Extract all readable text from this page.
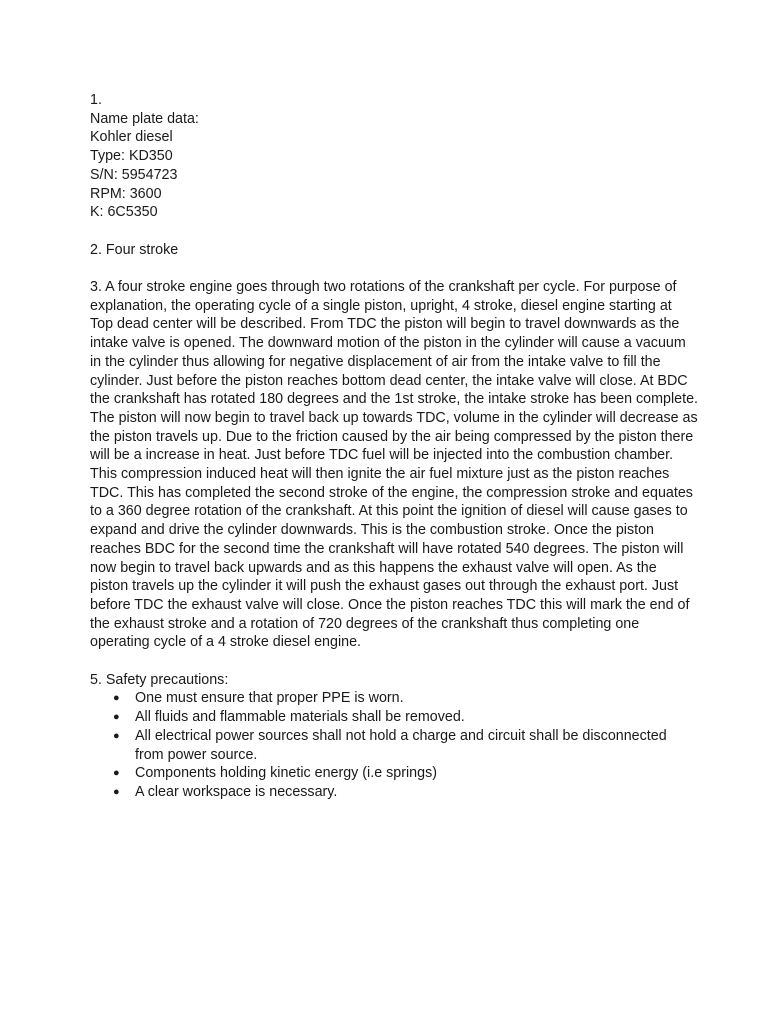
1.
Name plate data:
Kohler diesel
Type: KD350
S/N: 5954723
RPM: 3600
K: 6C5350
2. Four stroke
3. A four stroke engine goes through two rotations of the crankshaft per cycle. For purpose of
explanation, the operating cycle of a single piston, upright, 4 stroke, diesel engine starting at
Top dead center will be described. From TDC the piston will begin to travel downwards as the
intake valve is opened. The downward motion of the piston in the cylinder will cause a vacuum
in the cylinder thus allowing for negative displacement of air from the intake valve to fill the
cylinder. Just before the piston reaches bottom dead center, the intake valve will close. At BDC
the crankshaft has rotated 180 degrees and the 1st stroke, the intake stroke has been complete.
The piston will now begin to travel back up towards TDC, volume in the cylinder will decrease as
the piston travels up. Due to the friction caused by the air being compressed by the piston there
will be a increase in heat. Just before TDC fuel will be injected into the combustion chamber.
This compression induced heat will then ignite the air fuel mixture just as the piston reaches
TDC. This has completed the second stroke of the engine, the compression stroke and equates
to a 360 degree rotation of the crankshaft. At this point the ignition of diesel will cause gases to
expand and drive the cylinder downwards. This is the combustion stroke. Once the piston
reaches BDC for the second time the crankshaft will have rotated 540 degrees. The piston will
now begin to travel back upwards and as this happens the exhaust valve will open. As the
piston travels up the cylinder it will push the exhaust gases out through the exhaust port. Just
before TDC the exhaust valve will close. Once the piston reaches TDC this will mark the end of
the exhaust stroke and a rotation of 720 degrees of the crankshaft thus completing one
operating cycle of a 4 stroke diesel engine.
5. Safety precautions:
● One must ensure that proper PPE is worn.
● All fluids and flammable materials shall be removed.
● All electrical power sources shall not hold a charge and circuit shall be disconnected
from power source.
● Components holding kinetic energy (i.e springs)
● A clear workspace is necessary.
